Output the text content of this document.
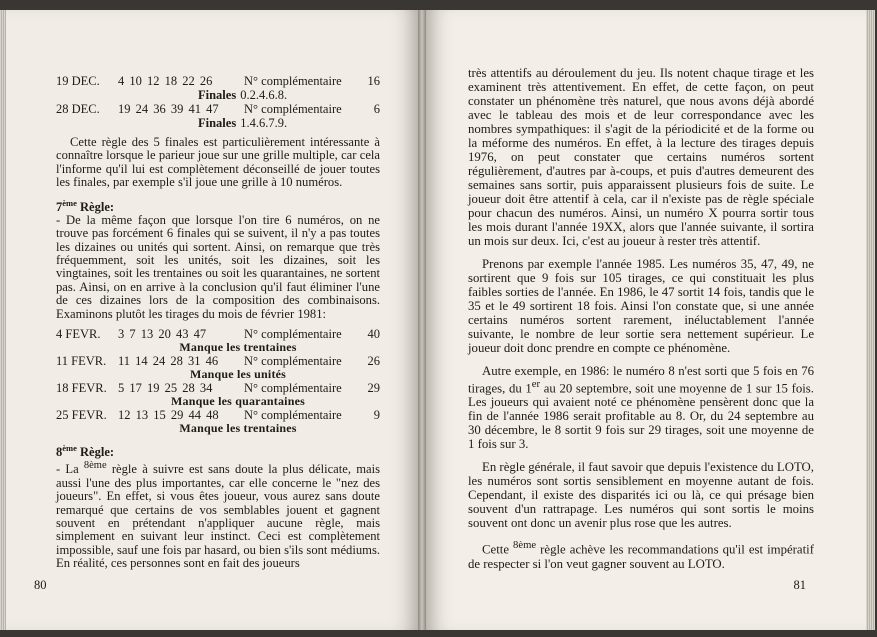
19 DEC.	4 10 12 18 22 26	N° complémentaire	16
Finales 0.2.4.6.8.
28 DEC.	19 24 36 39 41 47	N° complémentaire	6
Finales 1.4.6.7.9.

Cette règle des 5 finales est particulièrement intéressante à connaître lorsque le parieur joue sur une grille multiple, car cela l'informe qu'il lui est complètement déconseillé de jouer toutes les finales, par exemple s'il joue une grille à 10 numéros.

7ème Règle:

- De la même façon que lorsque l'on tire 6 numéros, on ne trouve pas forcément 6 finales qui se suivent, il n'y a pas toutes les dizaines ou unités qui sortent. Ainsi, on remarque que très fréquemment, soit les unités, soit les dizaines, soit les vingtaines, soit les trentaines ou soit les quarantaines, ne sortent pas. Ainsi, on en arrive à la conclusion qu'il faut éliminer l'une de ces dizaines lors de la composition des combinaisons. Examinons plutôt les tirages du mois de février 1981:

4 FEVR.	3 7 13 20 43 47	N° complémentaire	40
Manque les trentaines
11 FEVR. 11 14 24 28 31 46	N° complémentaire	26
Manque les unités
18 FEVR. 5 17 19 25 28 34	N° complémentaire	29
Manque les quarantaines
25 FEVR. 12 13 15 29 44 48	N° complémentaire	9
Manque les trentaines
8ème Règle:

- La $^{8ème}$ règle à suivre est sans doute la plus délicate, mais aussi l'une des plus importantes, car elle concerne le "nez des joueurs". En effet, si vous êtes joueur, vous aurez sans doute remarqué que certains de vos semblables jouent et gagnent souvent en prétendant n'appliquer aucune règle, mais simplement en suivant leur instinct. Ceci est complètement impossible, sauf une fois par hasard, ou bien s'ils sont médiums. En réalité, ces personnes sont en fait des joueurs

80

très attentifs au déroulement du jeu. Ils notent chaque tirage et les examinent très attentivement. En effet, de cette façon, on peut constater un phénomène très naturel, que nous avons déjà abordé avec le tableau des mois et de leur correspondance avec les nombres sympathiques: il s'agit de la périodicité et de la forme ou la méforme des numéros. En effet, à la lecture des tirages depuis 1976, on peut constater que certains numéros sortent régulièrement, d'autres par à-coups, et puis d'autres demeurent des semaines sans sortir, puis apparaissent plusieurs fois de suite. Le joueur doit être attentif à cela, car il n'existe pas de règle spéciale pour chacun des numéros. Ainsi, un numéro X pourra sortir tous les mois durant l'année 19XX, alors que l'année suivante, il sortira un mois sur deux. Ici, c'est au joueur à rester très attentif.

Prenons par exemple l'année 1985. Les numéros 35, 47, 49, ne sortirent que 9 fois sur 105 tirages, ce qui constituait les plus faibles sorties de l'année. En 1986, le 47 sortit 14 fois, tandis que le 35 et le 49 sortirent 18 fois. Ainsi l'on constate que, si une année certains numéros sortent rarement, inéluctablement l'année suivante, le nombre de leur sortie sera nettement supérieur. Le joueur doit donc prendre en compte ce phénomène.

Autre exemple, en 1986: le numéro 8 n'est sorti que 5 fois en 76 tirages, du 1er au 20 septembre, soit une moyenne de 1 sur 15 fois. Les joueurs qui avaient noté ce phénomène pensèrent donc que la fin de l'année 1986 serait profitable au 8. Or, du 24 septembre au 30 décembre, le 8 sortit 9 fois sur 29 tirages, soit une moyenne de 1 fois sur 3.

En règle générale, il faut savoir que depuis l'existence du LOTO, les numéros sont sortis sensiblement en moyenne autant de fois. Cependant, il existe des disparités ici ou là, ce qui présage bien souvent d'un rattrapage. Les numéros qui sont sortis le moins souvent ont donc un avenir plus rose que les autres.

Cette $^{8ème}$ règle achève les recommandations qu'il est impératif de respecter si l'on veut gagner souvent au LOTO.

81
